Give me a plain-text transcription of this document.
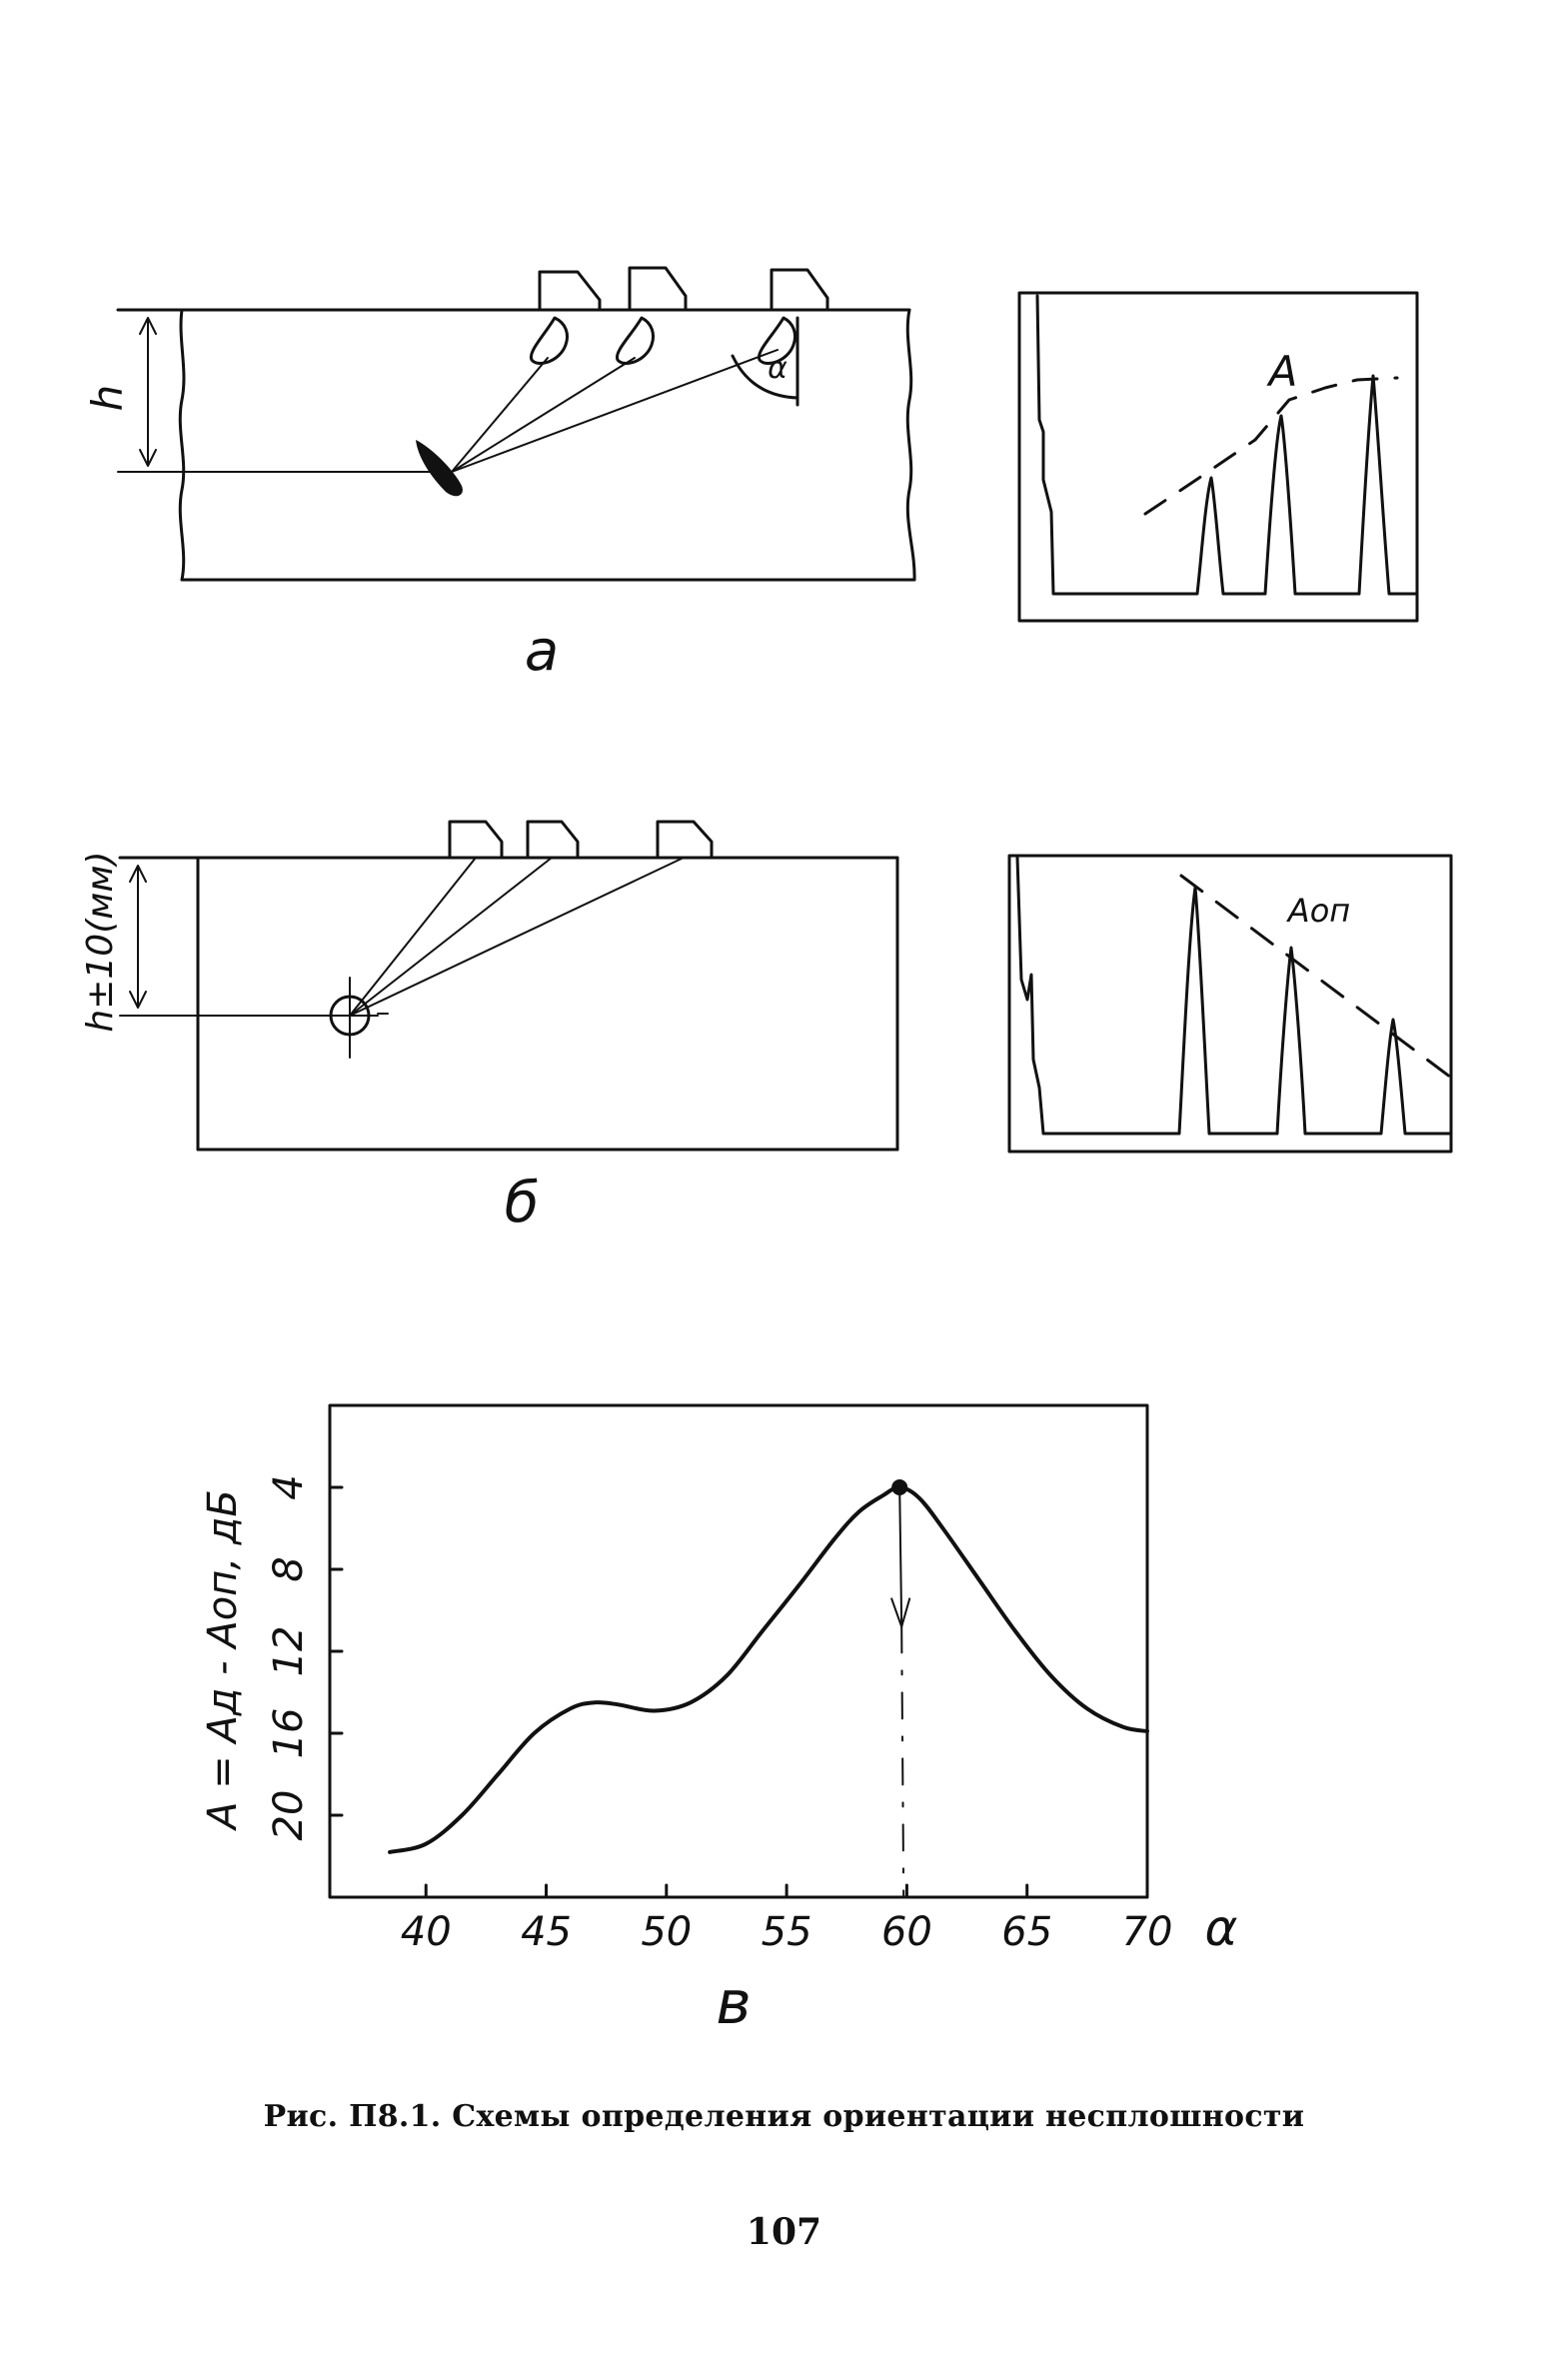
40 45 50 55 60 65 70
4
8
12
16
20
h
α	A
а
h±10(мм)	Aоп
б
A = Aд - Aоп, дБ
α
в
Рис. П8.1. Схемы определения ориентации несплошности
107
